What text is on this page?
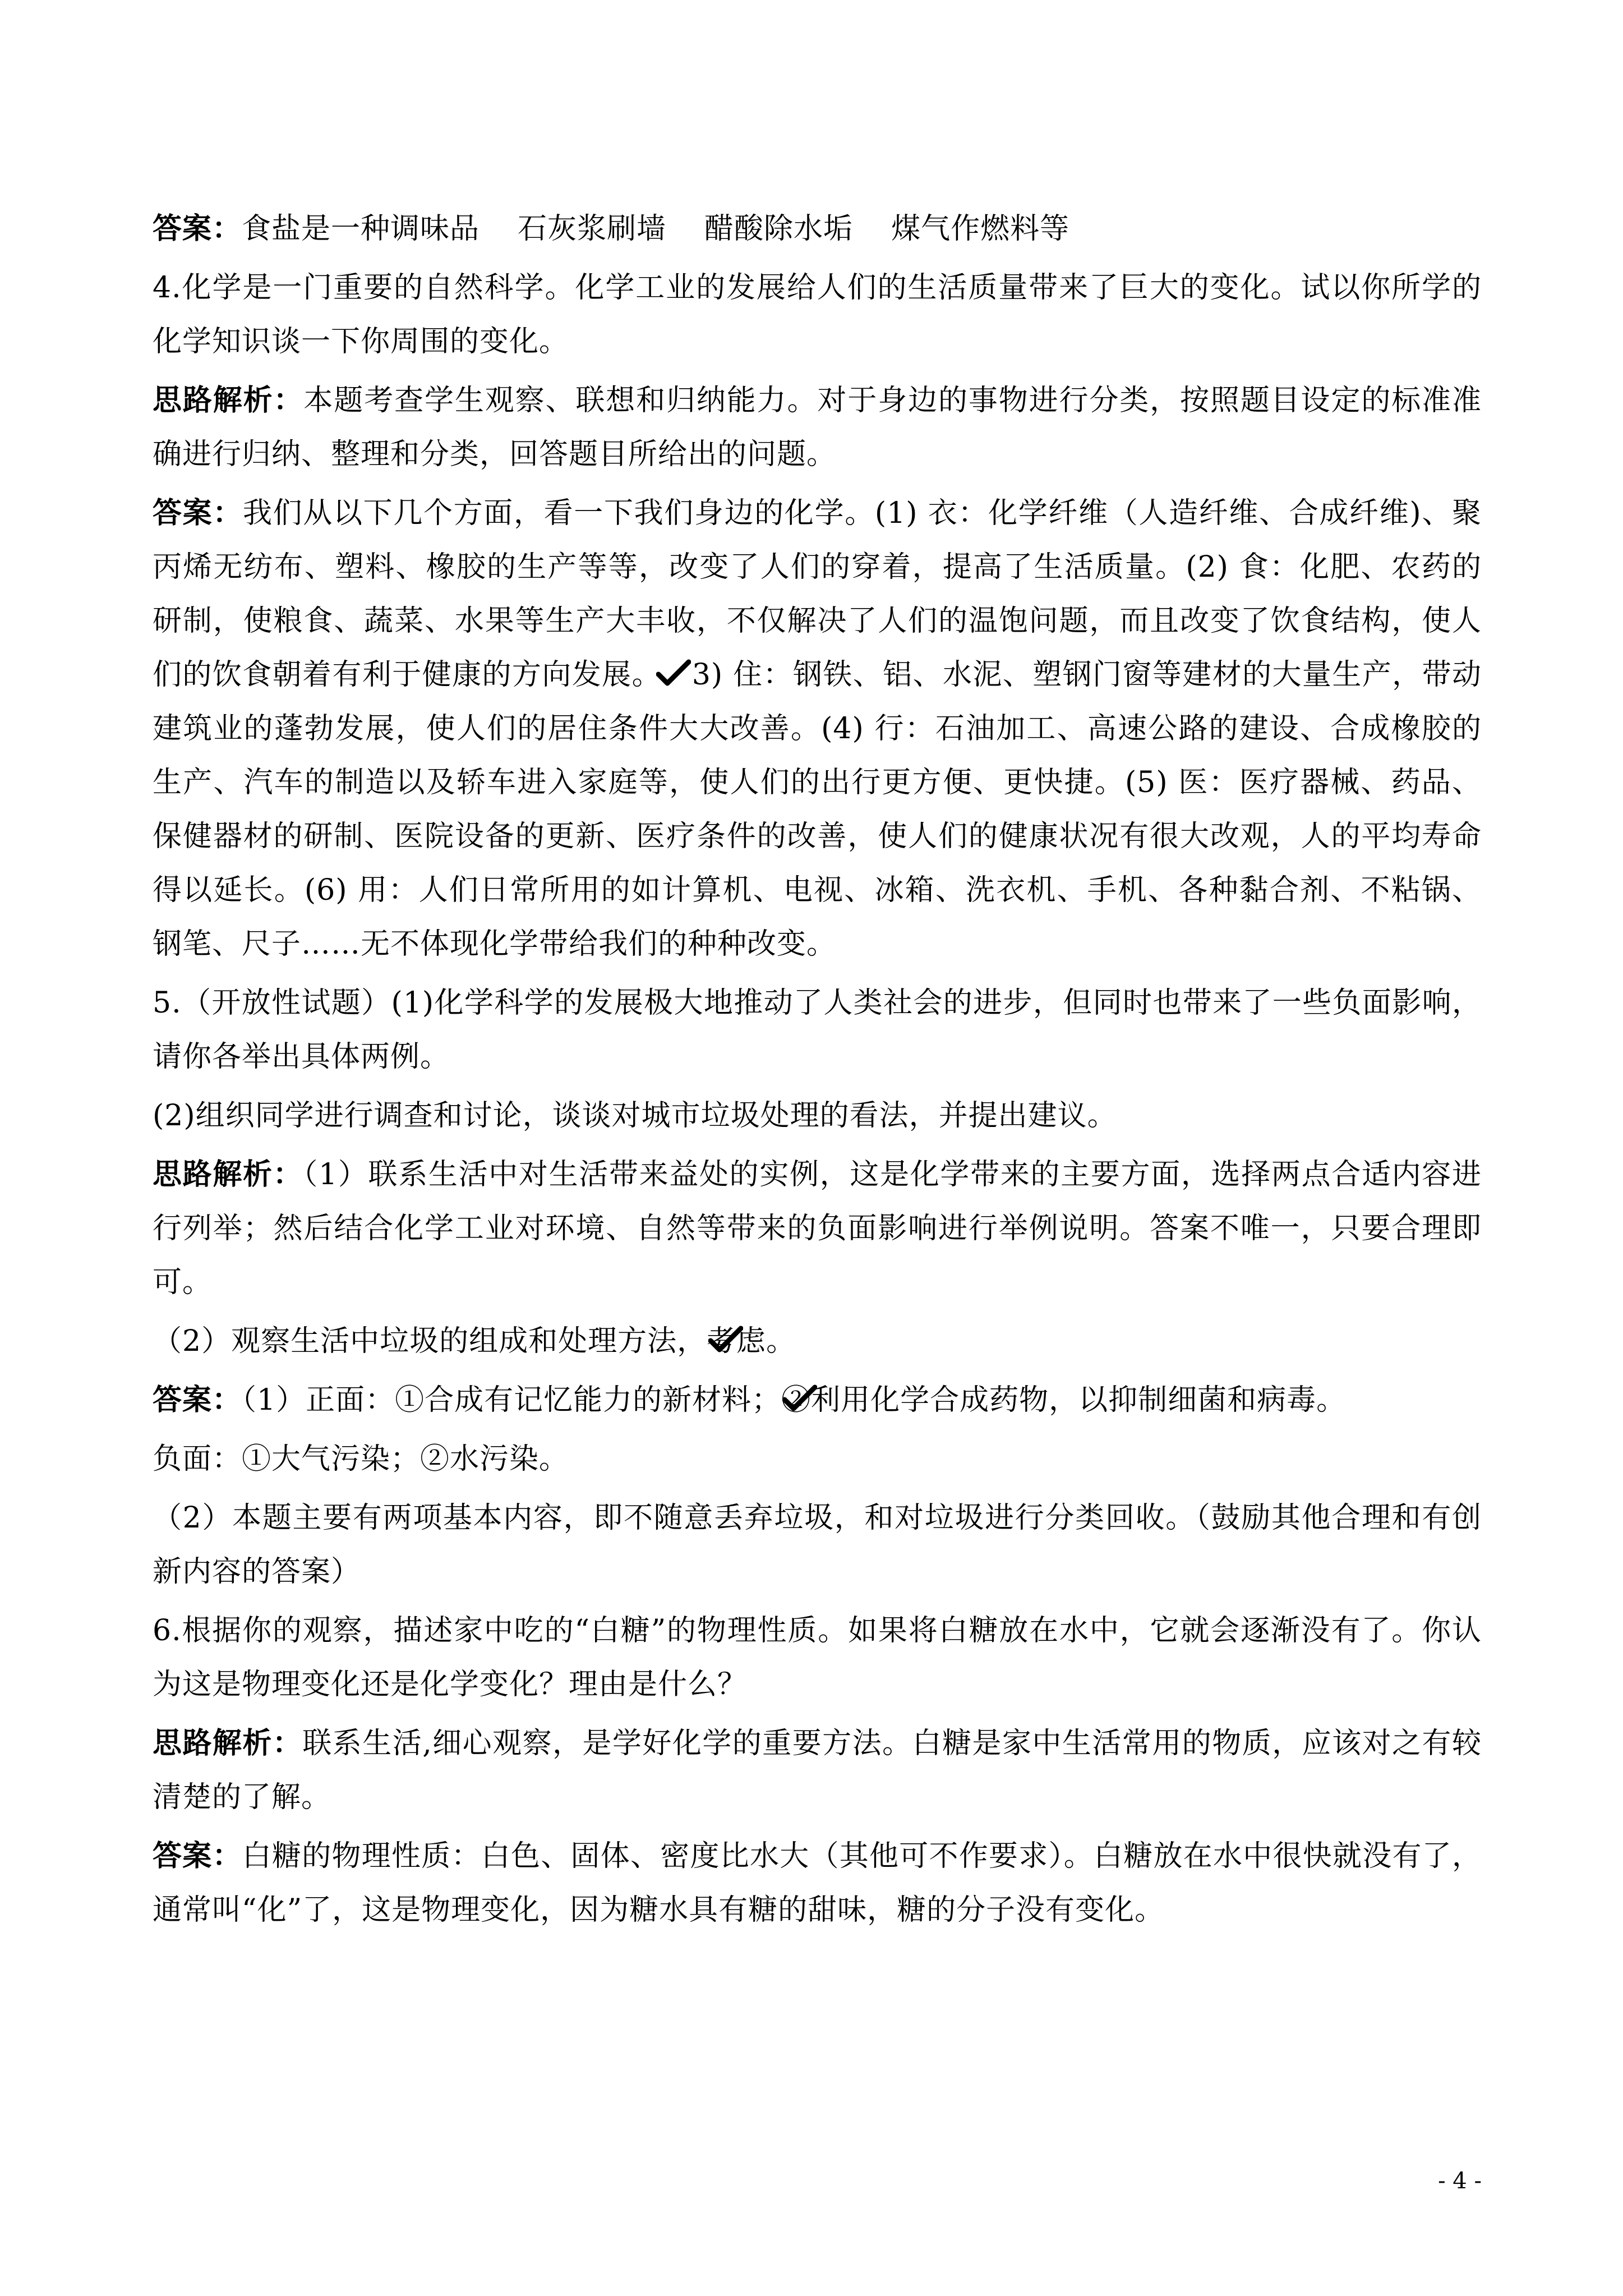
答案：食盐是一种调味品 石灰浆刷墙 醋酸除水垢 煤气作燃料等

4.化学是一门重要的自然科学。化学工业的发展给人们的生活质量带来了巨大的变化。试以你所学的化学知识谈一下你周围的变化。

思路解析：本题考查学生观察、联想和归纳能力。对于身边的事物进行分类，按照题目设定的标准准确进行归纳、整理和分类，回答题目所给出的问题。

答案：我们从以下几个方面，看一下我们身边的化学。(1) 衣：化学纤维（人造纤维、合成纤维)、聚丙烯无纺布、塑料、橡胶的生产等等，改变了人们的穿着，提高了生活质量。(2) 食：化肥、农药的研制，使粮食、蔬菜、水果等生产大丰收，不仅解决了人们的温饱问题，而且改变了饮食结构，使人们的饮食朝着有利于健康的方向发展。 3) 住：钢铁、铝、水泥、塑钢门窗等建材的大量生产，带动建筑业的蓬勃发展，使人们的居住条件大大改善。(4) 行：石油加工、高速公路的建设、合成橡胶的生产、汽车的制造以及轿车进入家庭等，使人们的出行更方便、更快捷。(5) 医：医疗器械、药品、保健器材的研制、医院设备的更新、医疗条件的改善，使人们的健康状况有很大改观，人的平均寿命得以延长。(6) 用：人们日常所用的如计算机、电视、冰箱、洗衣机、手机、各种黏合剂、不粘锅、钢笔、尺子……无不体现化学带给我们的种种改变。

5.（开放性试题）(1)化学科学的发展极大地推动了人类社会的进步，但同时也带来了一些负面影响，请你各举出具体两例。

(2)组织同学进行调查和讨论，谈谈对城市垃圾处理的看法，并提出建议。

思路解析：（1）联系生活中对生活带来益处的实例，这是化学带来的主要方面，选择两点合适内容进行列举；然后结合化学工业对环境、自然等带来的负面影响进行举例说明。答案不唯一，只要合理即可。

（2）观察生活中垃圾的组成和处理方法，考
虑。

答案：（1）正面：①合成有记忆能力的新材料；
②利用化学合成药物，以抑制细菌和病毒。

负面：①大气污染；②水污染。

（2）本题主要有两项基本内容，即不随意丢弃垃圾，和对垃圾进行分类回收。（鼓励其他合理和有创新内容的答案）

6.根据你的观察，描述家中吃的“白糖”的物理性质。如果将白糖放在水中，它就会逐渐没有了。你认为这是物理变化还是化学变化？理由是什么？

思路解析：联系生活,细心观察，是学好化学的重要方法。白糖是家中生活常用的物质，应该对之有较清楚的了解。

答案：白糖的物理性质：白色、固体、密度比水大（其他可不作要求）。白糖放在水中很快就没有了，通常叫“化”了，这是物理变化，因为糖水具有糖的甜味，糖的分子没有变化。

- 4 -
